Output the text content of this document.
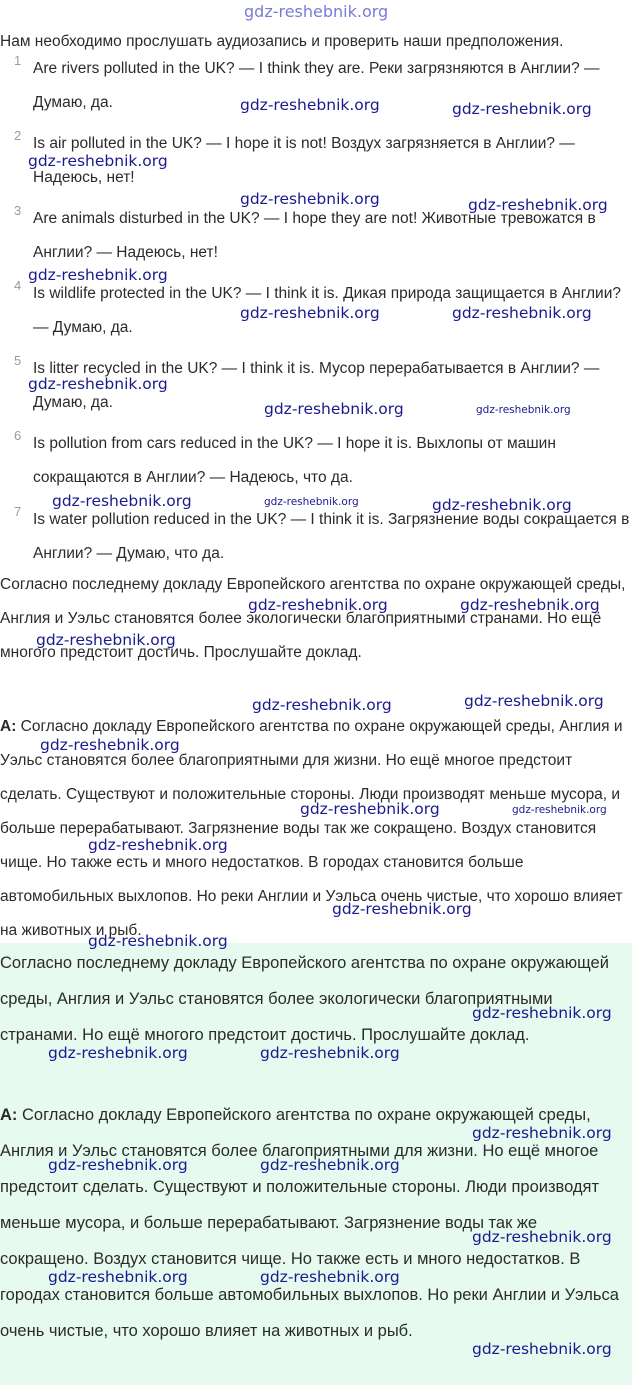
gdz-reshebnik.org
Нам необходимо прослушать аудиозапись и проверить наши предположения.
1 Are rivers polluted in the UK? — I think they are. Реки загрязняются в Англии? — Думаю, да.
2 Is air polluted in the UK? — I hope it is not! Воздух загрязняется в Англии? — Надеюсь, нет!
3 Are animals disturbed in the UK? — I hope they are not! Животные тревожатся в Англии? — Надеюсь, нет!
4 Is wildlife protected in the UK? — I think it is. Дикая природа защищается в Англии? — Думаю, да.
5 Is litter recycled in the UK? — I think it is. Мусор перерабатывается в Англии? — Думаю, да.
6 Is pollution from cars reduced in the UK? — I hope it is. Выхлопы от машин сокращаются в Англии? — Надеюсь, что да.
7 Is water pollution reduced in the UK? — I think it is. Загрязнение воды сокращается в Англии? — Думаю, что да.
Согласно последнему докладу Европейского агентства по охране окружающей среды, Англия и Уэльс становятся более экологически благоприятными странами. Но ещё многого предстоит достичь. Прослушайте доклад.
A: Согласно докладу Европейского агентства по охране окружающей среды, Англия и Уэльс становятся более благоприятными для жизни. Но ещё многое предстоит сделать. Существуют и положительные стороны. Люди производят меньше мусора, и больше перерабатывают. Загрязнение воды так же сокращено. Воздух становится чище. Но также есть и много недостатков. В городах становится больше автомобильных выхлопов. Но реки Англии и Уэльса очень чистые, что хорошо влияет на животных и рыб.
Согласно последнему докладу Европейского агентства по охране окружающей среды, Англия и Уэльс становятся более экологически благоприятными странами. Но ещё многого предстоит достичь. Прослушайте доклад.
A: Согласно докладу Европейского агентства по охране окружающей среды, Англия и Уэльс становятся более благоприятными для жизни. Но ещё многое предстоит сделать. Существуют и положительные стороны. Люди производят меньше мусора, и больше перерабатывают. Загрязнение воды так же сокращено. Воздух становится чище. Но также есть и много недостатков. В городах становится больше автомобильных выхлопов. Но реки Англии и Уэльса очень чистые, что хорошо влияет на животных и рыб.
gdz-reshebnik.org	gdz-reshebnik.org
gdz-reshebnik.org
gdz-reshebnik.org	gdz-reshebnik.org
gdz-reshebnik.org
gdz-reshebnik.org	gdz-reshebnik.org
gdz-reshebnik.org
gdz-reshebnik.org	gdz-reshebnik.org
gdz-reshebnik.org	gdz-reshebnik.org	gdz-reshebnik.org
gdz-reshebnik.org	gdz-reshebnik.org
gdz-reshebnik.org
gdz-reshebnik.org	gdz-reshebnik.org
gdz-reshebnik.org
gdz-reshebnik.org	gdz-reshebnik.org
gdz-reshebnik.org
gdz-reshebnik.org
gdz-reshebnik.org
gdz-reshebnik.org
gdz-reshebnik.org	gdz-reshebnik.org
gdz-reshebnik.org
gdz-reshebnik.org	gdz-reshebnik.org
gdz-reshebnik.org
gdz-reshebnik.org	gdz-reshebnik.org
gdz-reshebnik.org
